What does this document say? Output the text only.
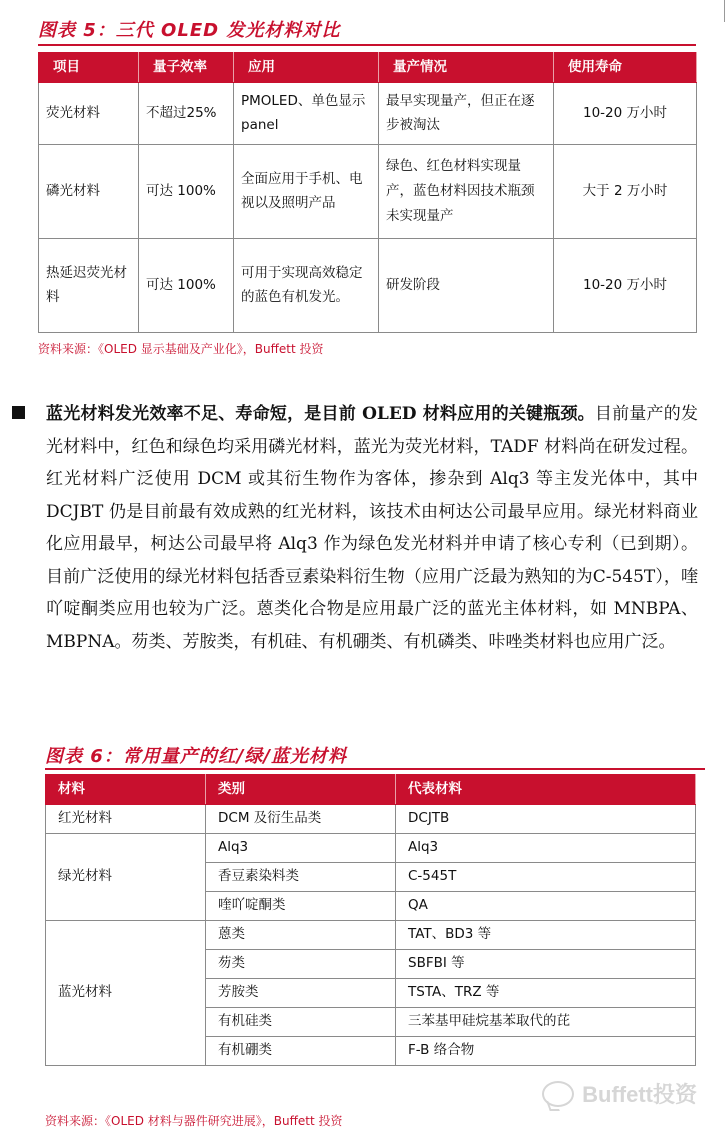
图表 5：三代 OLED 发光材料对比
项目	量子效率	应用	量产情况	使用寿命
荧光材料	不超过25%	PMOLED、单色显示 panel	最早实现量产，但正在逐步被淘汰	10-20 万小时
磷光材料	可达 100%	全面应用于手机、电视以及照明产品	绿色、红色材料实现量产，蓝色材料因技术瓶颈未实现量产	大于 2 万小时
热延迟荧光材料	可达 100%	可用于实现高效稳定的蓝色有机发光。	研发阶段	10-20 万小时
资料来源：《OLED 显示基础及产业化》，Buffett 投资
蓝光材料发光效率不足、寿命短，是目前 OLED 材料应用的关键瓶颈。目前量产的发光材料中，红色和绿色均采用磷光材料，蓝光为荧光材料，TADF 材料尚在研发过程。红光材料广泛使用 DCM 或其衍生物作为客体，掺杂到 Alq3 等主发光体中，其中 DCJBT 仍是目前最有效成熟的红光材料，该技术由柯达公司最早应用。绿光材料商业化应用最早，柯达公司最早将 Alq3 作为绿色发光材料并申请了核心专利（已到期）。目前广泛使用的绿光材料包括香豆素染料衍生物（应用广泛最为熟知的为C-545T），喹吖啶酮类应用也较为广泛。蒽类化合物是应用最广泛的蓝光主体材料，如 MNBPA、MBPNA。芴类、芳胺类，有机硅、有机硼类、有机磷类、咔唑类材料也应用广泛。
图表 6：常用量产的红/绿/蓝光材料
材料	类别	代表材料
红光材料	DCM 及衍生品类	DCJTB
绿光材料	Alq3	Alq3
	香豆素染料类	C-545T
	喹吖啶酮类	QA
蓝光材料	蒽类	TAT、BD3 等
	芴类	SBFBI 等
	芳胺类	TSTA、TRZ 等
	有机硅类	三苯基甲硅烷基苯取代的芘
	有机硼类	F-B 络合物
资料来源：《OLED 材料与器件研究进展》，Buffett 投资
Buffett投资
